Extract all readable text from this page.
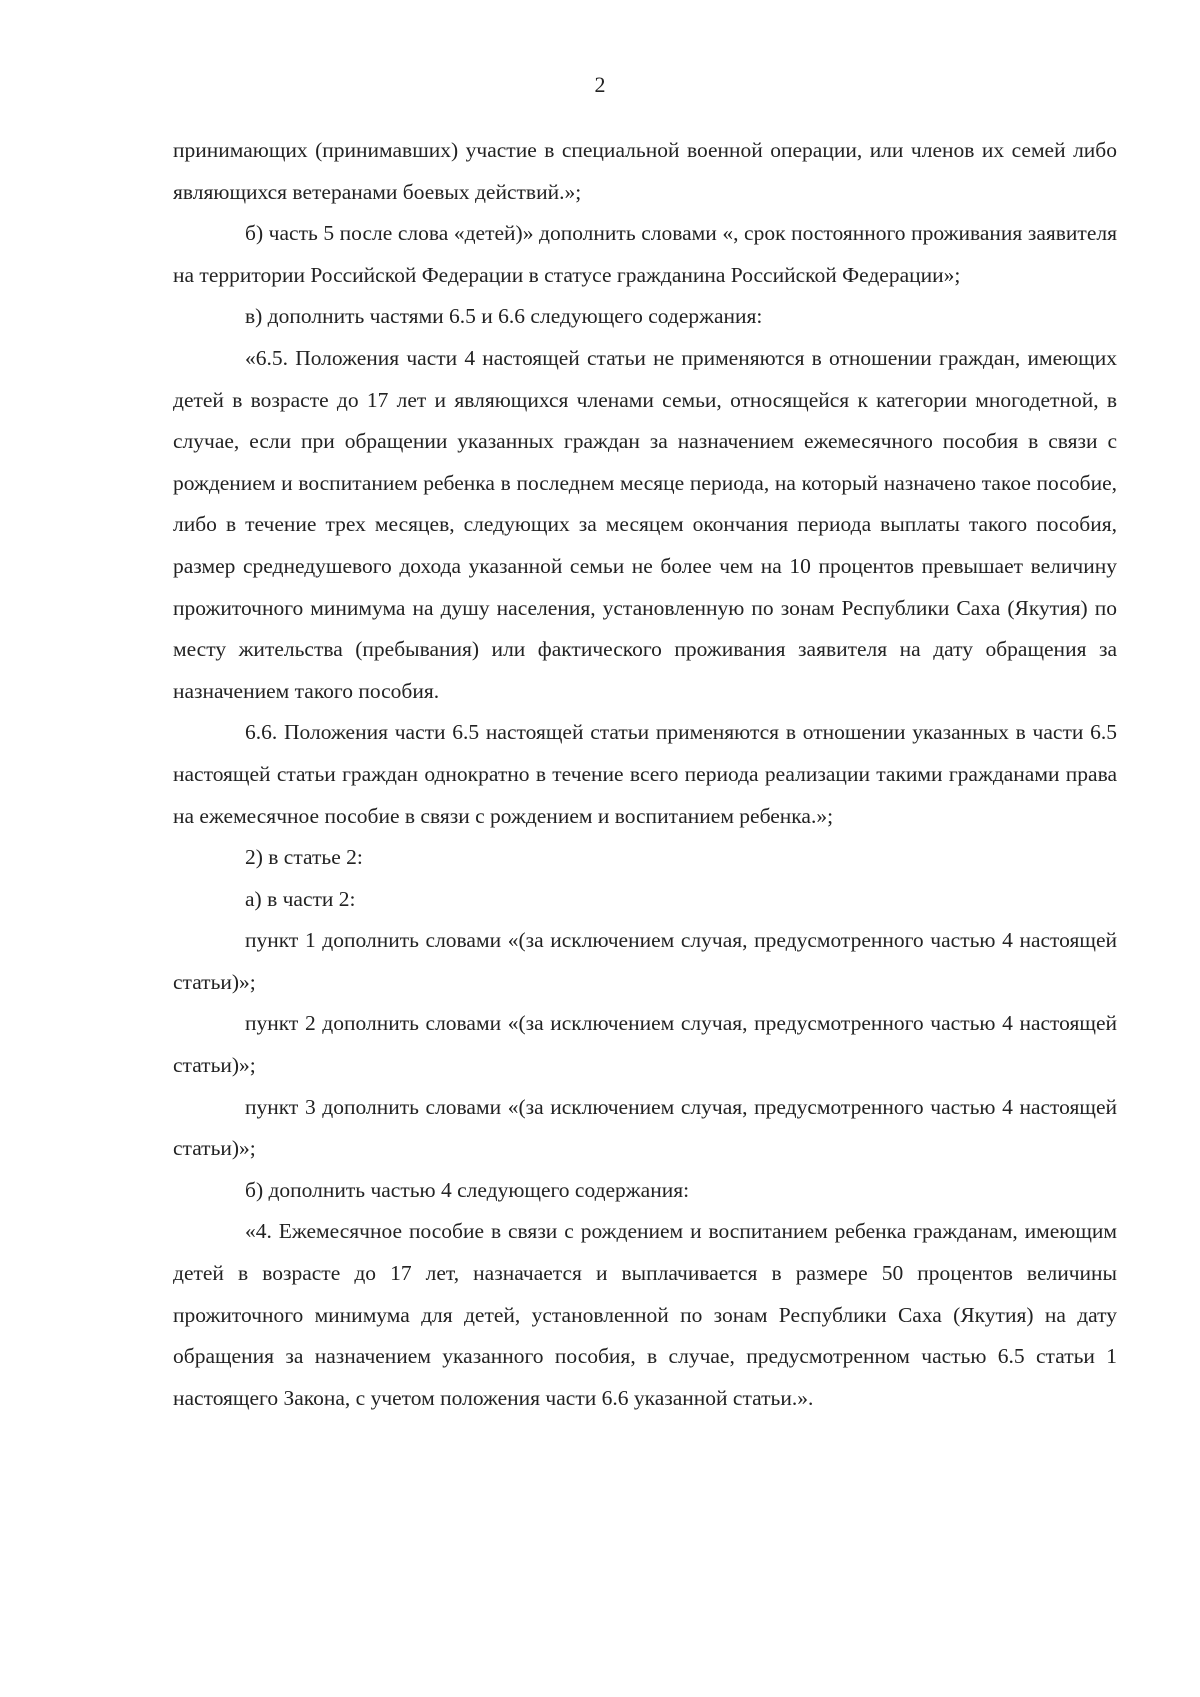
2

принимающих (принимавших) участие в специальной военной операции, или членов их семей либо являющихся ветеранами боевых действий.»;

б) часть 5 после слова «детей)» дополнить словами «, срок постоянного проживания заявителя на территории Российской Федерации в статусе гражданина Российской Федерации»;

в) дополнить частями 6.5 и 6.6 следующего содержания:

«6.5. Положения части 4 настоящей статьи не применяются в отношении граждан, имеющих детей в возрасте до 17 лет и являющихся членами семьи, относящейся к категории многодетной, в случае, если при обращении указанных граждан за назначением ежемесячного пособия в связи с рождением и воспитанием ребенка в последнем месяце периода, на который назначено такое пособие, либо в течение трех месяцев, следующих за месяцем окончания периода выплаты такого пособия, размер среднедушевого дохода указанной семьи не более чем на 10 процентов превышает величину прожиточного минимума на душу населения, установленную по зонам Республики Саха (Якутия) по месту жительства (пребывания) или фактического проживания заявителя на дату обращения за назначением такого пособия.

6.6. Положения части 6.5 настоящей статьи применяются в отношении указанных в части 6.5 настоящей статьи граждан однократно в течение всего периода реализации такими гражданами права на ежемесячное пособие в связи с рождением и воспитанием ребенка.»;

2) в статье 2:

а) в части 2:

пункт 1 дополнить словами «(за исключением случая, предусмотренного частью 4 настоящей статьи)»;

пункт 2 дополнить словами «(за исключением случая, предусмотренного частью 4 настоящей статьи)»;

пункт 3 дополнить словами «(за исключением случая, предусмотренного частью 4 настоящей статьи)»;

б) дополнить частью 4 следующего содержания:

«4. Ежемесячное пособие в связи с рождением и воспитанием ребенка гражданам, имеющим детей в возрасте до 17 лет, назначается и выплачивается в размере 50 процентов величины прожиточного минимума для детей, установленной по зонам Республики Саха (Якутия) на дату обращения за назначением указанного пособия, в случае, предусмотренном частью 6.5 статьи 1 настоящего Закона, с учетом положения части 6.6 указанной статьи.».
